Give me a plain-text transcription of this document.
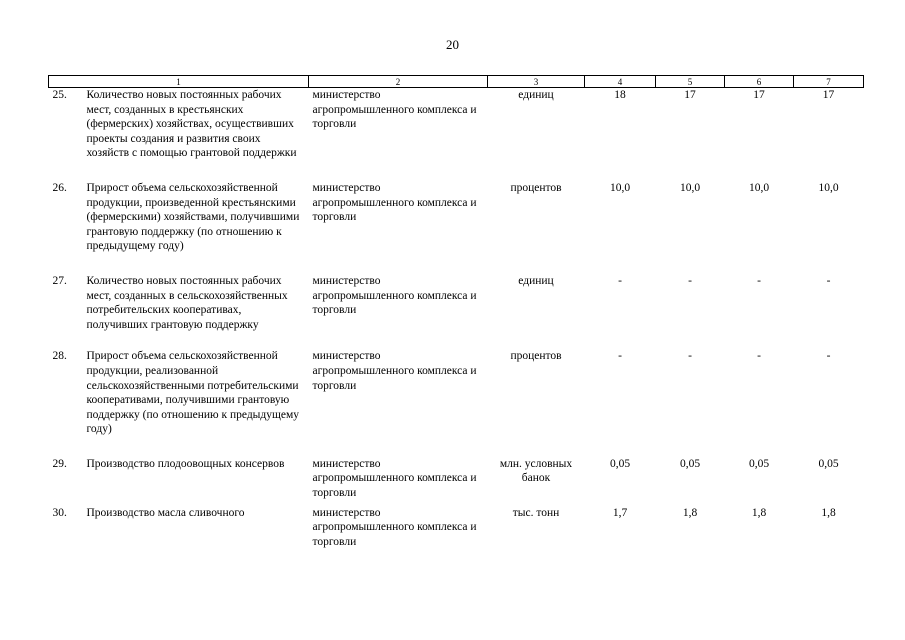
20
1		2	3	4	5	6	7
25.	Количество новых постоянных рабочих мест, созданных в крестьянских (фермерских) хозяйствах, осуществивших проекты создания и развития своих хозяйств с помощью грантовой поддержки	министерство агропромышленного комплекса и торговли	единиц	18	17	17	17
26.	Прирост объема сельскохозяйственной продукции, произведенной крестьянскими (фермерскими) хозяйствами, получившими грантовую поддержку (по отношению к предыдущему году)	министерство агропромышленного комплекса и торговли	процентов	10,0	10,0	10,0	10,0
27.	Количество новых постоянных рабочих мест, созданных в сельскохозяйственных потребительских кооперативах, получивших грантовую поддержку	министерство агропромышленного комплекса и торговли	единиц	-	-	-	-
28.	Прирост объема сельскохозяйственной продукции, реализованной сельскохозяйственными потребительскими кооперативами, получившими грантовую поддержку (по отношению к предыдущему году)	министерство агропромышленного комплекса и торговли	процентов	-	-	-	-
29.	Производство плодоовощных консервов	министерство агропромышленного комплекса и торговли	млн. условных банок	0,05	0,05	0,05	0,05
30.	Производство масла сливочного	министерство агропромышленного комплекса и торговли	тыс. тонн	1,7	1,8	1,8	1,8
